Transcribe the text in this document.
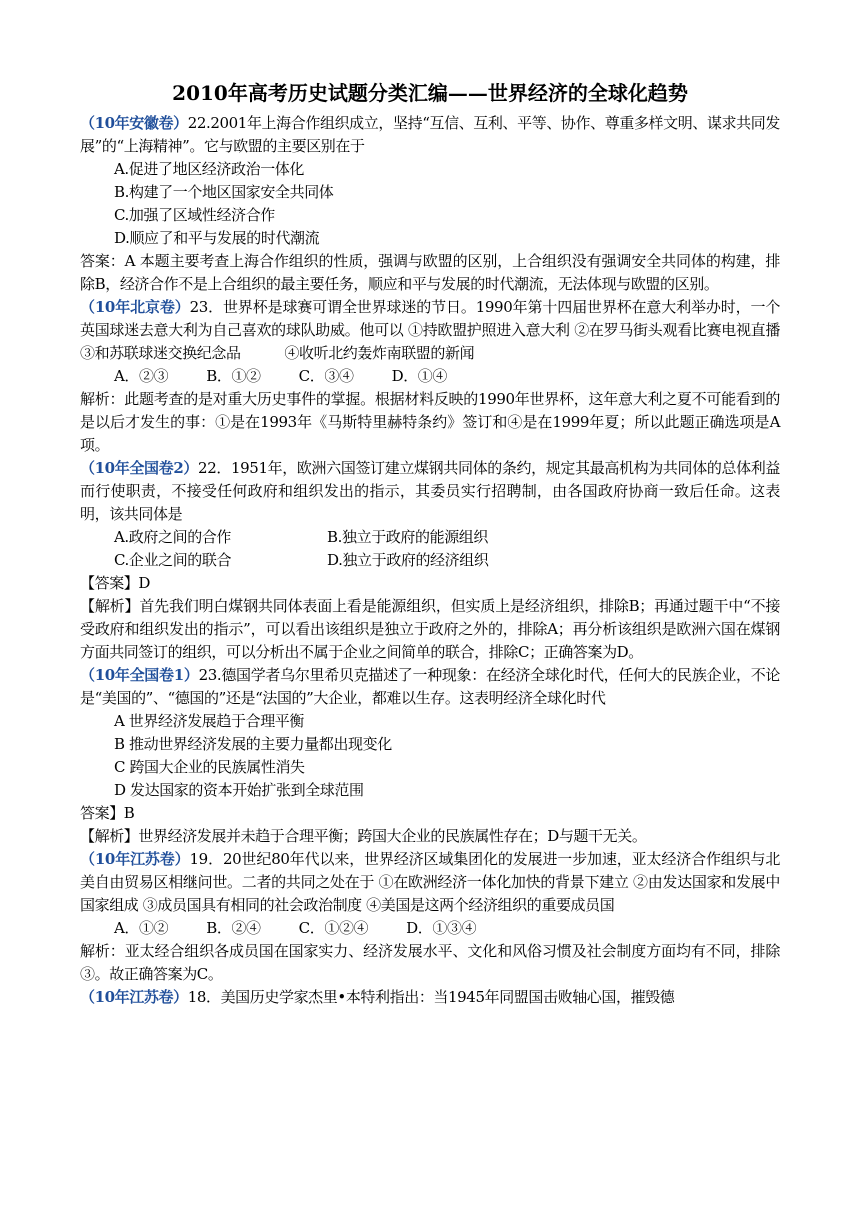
2010年高考历史试题分类汇编——世界经济的全球化趋势

（10年安徽卷）22.2001年上海合作组织成立，坚持“互信、互利、平等、协作、尊重多样文明、谋求共同发展”的“上海精神”。它与欧盟的主要区别在于

A.促进了地区经济政治一体化

B.构建了一个地区国家安全共同体

C.加强了区域性经济合作

D.顺应了和平与发展的时代潮流

答案：A 本题主要考查上海合作组织的性质，强调与欧盟的区别，上合组织没有强调安全共同体的构建，排除B，经济合作不是上合组织的最主要任务，顺应和平与发展的时代潮流，无法体现与欧盟的区别。

（10年北京卷）23．世界杯是球赛可谓全世界球迷的节日。1990年第十四届世界杯在意大利举办时，一个英国球迷去意大利为自己喜欢的球队助威。他可以 ①持欧盟护照进入意大利 ②在罗马街头观看比赛电视直播 ③和苏联球迷交换纪念品　　　④收听北约轰炸南联盟的新闻

A．②③	B．①②	C．③④	D．①④

解析：此题考查的是对重大历史事件的掌握。根据材料反映的1990年世界杯，这年意大利之夏不可能看到的是以后才发生的事：①是在1993年《马斯特里赫特条约》签订和④是在1999年夏；所以此题正确选项是A项。

（10年全国卷2）22．1951年，欧洲六国签订建立煤钢共同体的条约，规定其最高机构为共同体的总体利益而行使职责，不接受任何政府和组织发出的指示，其委员实行招聘制，由各国政府协商一致后任命。这表明，该共同体是

A.政府之间的合作	B.独立于政府的能源组织
C.企业之间的联合	D.独立于政府的经济组织

【答案】D

【解析】首先我们明白煤钢共同体表面上看是能源组织，但实质上是经济组织，排除B；再通过题干中“不接受政府和组织发出的指示”，可以看出该组织是独立于政府之外的，排除A；再分析该组织是欧洲六国在煤钢方面共同签订的组织，可以分析出不属于企业之间简单的联合，排除C；正确答案为D。

（10年全国卷1）23.德国学者乌尔里希贝克描述了一种现象：在经济全球化时代，任何大的民族企业，不论是“美国的”、“德国的”还是“法国的”大企业，都难以生存。这表明经济全球化时代

A 世界经济发展趋于合理平衡

B 推动世界经济发展的主要力量都出现变化

C 跨国大企业的民族属性消失

D 发达国家的资本开始扩张到全球范围

答案】B

【解析】世界经济发展并未趋于合理平衡；跨国大企业的民族属性存在；D与题干无关。

（10年江苏卷）19．20世纪80年代以来，世界经济区域集团化的发展进一步加速，亚太经济合作组织与北美自由贸易区相继问世。二者的共同之处在于 ①在欧洲经济一体化加快的背景下建立 ②由发达国家和发展中国家组成 ③成员国具有相同的社会政治制度 ④美国是这两个经济组织的重要成员国

A．①②	B．②④	C．①②④	D．①③④

解析：亚太经合组织各成员国在国家实力、经济发展水平、文化和风俗习惯及社会制度方面均有不同，排除③。故正确答案为C。

（10年江苏卷）18．美国历史学家杰里•本特利指出：当1945年同盟国击败轴心国，摧毁德
